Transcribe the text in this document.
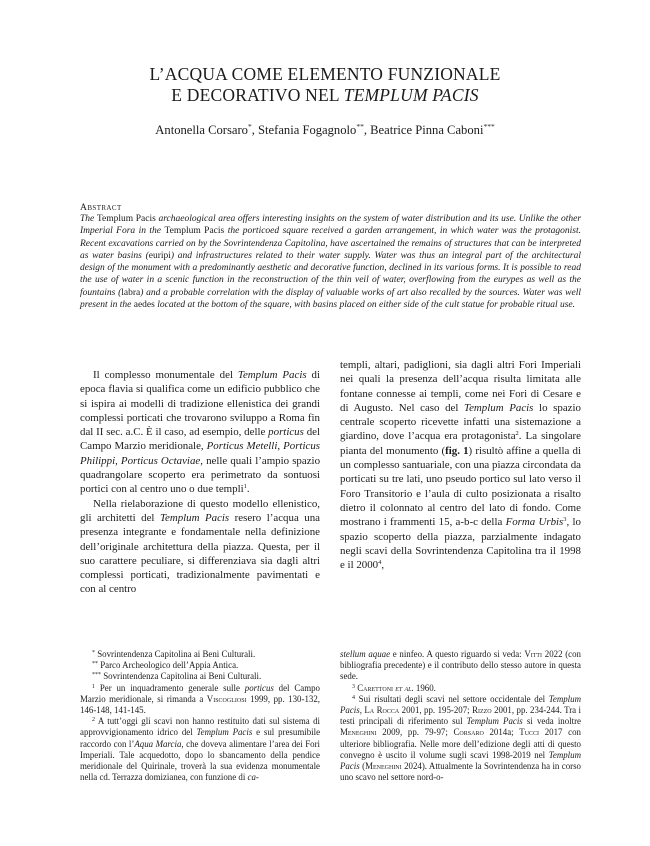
L’ACQUA COME ELEMENTO FUNZIONALE
E DECORATIVO NEL TEMPLUM PACIS
Antonella Corsaro*, Stefania Fogagnolo**, Beatrice Pinna Caboni***
Abstract
The Templum Pacis archaeological area offers interesting insights on the system of water distribution and its use. Unlike the other Imperial Fora in the Templum Pacis the porticoed square received a garden arrangement, in which water was the protagonist. Recent excavations carried on by the Sovrintendenza Capitolina, have ascertained the remains of structures that can be interpreted as water basins (euripi) and infrastructures related to their water supply. Water was thus an integral part of the architectural design of the monument with a predominantly aesthetic and decorative function, declined in its various forms. It is possible to read the use of water in a scenic function in the reconstruction of the thin veil of water, overflowing from the eurypes as well as the fountains (labra) and a probable correlation with the display of valuable works of art also recalled by the sources. Water was well present in the aedes located at the bottom of the square, with basins placed on either side of the cult statue for probable ritual use.

Il complesso monumentale del Templum Pacis di epoca flavia si qualifica come un edificio pubblico che si ispira ai modelli di tradizione ellenistica dei grandi complessi porticati che trovarono sviluppo a Roma fin dal II sec. a.C. È il caso, ad esempio, delle porticus del Campo Marzio meridionale, Porticus Metelli, Porticus Philippi, Porticus Octaviae, nelle quali l’ampio spazio quadrangolare scoperto era perimetrato da sontuosi portici con al centro uno o due templi$^1$.

Nella rielaborazione di questo modello ellenistico, gli architetti del Templum Pacis resero l’acqua una presenza integrante e fondamentale nella definizione dell’originale architettura della piazza. Questa, per il suo carattere peculiare, si differenziava sia dagli altri complessi porticati, tradizionalmente pavimentati e con al centro

templi, altari, padiglioni, sia dagli altri Fori Imperiali nei quali la presenza dell’acqua risulta limitata alle fontane connesse ai templi, come nei Fori di Cesare e di Augusto. Nel caso del Templum Pacis lo spazio centrale scoperto ricevette infatti una sistemazione a giardino, dove l’acqua era protagonista$^2$. La singolare pianta del monumento (fig. 1) risultò affine a quella di un complesso santuariale, con una piazza circondata da porticati su tre lati, uno pseudo portico sul lato verso il Foro Transitorio e l’aula di culto posizionata a risalto dietro il colonnato al centro del lato di fondo. Come mostrano i frammenti 15, a-b-c della Forma Urbis$^3$, lo spazio scoperto della piazza, parzialmente indagato negli scavi della Sovrintendenza Capitolina tra il 1998 e il 2000$^4$,

* Sovrintendenza Capitolina ai Beni Culturali.

** Parco Archeologico dell’Appia Antica.

*** Sovrintendenza Capitolina ai Beni Culturali.

$^1$ Per un inquadramento generale sulle porticus del Campo Marzio meridionale, si rimanda a Viscogliosi 1999, pp. 130-132, 146-148, 141-145.

$^2$ A tutt’oggi gli scavi non hanno restituito dati sul sistema di approvvigionamento idrico del Templum Pacis e sul presumibile raccordo con l’Aqua Marcia, che doveva alimentare l’area dei Fori Imperiali. Tale acquedotto, dopo lo sbancamento della pendice meridionale del Quirinale, troverà la sua evidenza monumentale nella cd. Terrazza domizianea, con funzione di ca-

stellum aquae e ninfeo. A questo riguardo si veda: Vitti 2022 (con bibliografia precedente) e il contributo dello stesso autore in questa sede.

$^3$ Carettoni et al. 1960.

$^4$ Sui risultati degli scavi nel settore occidentale del Templum Pacis, La Rocca 2001, pp. 195-207; Rizzo 2001, pp. 234-244. Tra i testi principali di riferimento sul Templum Pacis si veda inoltre Meneghini 2009, pp. 79-97; Corsaro 2014a; Tucci 2017 con ulteriore bibliografia. Nelle more dell’edizione degli atti di questo convegno è uscito il volume sugli scavi 1998-2019 nel Templum Pacis (Meneghini 2024). Attualmente la Sovrintendenza ha in corso uno scavo nel settore nord-o-
